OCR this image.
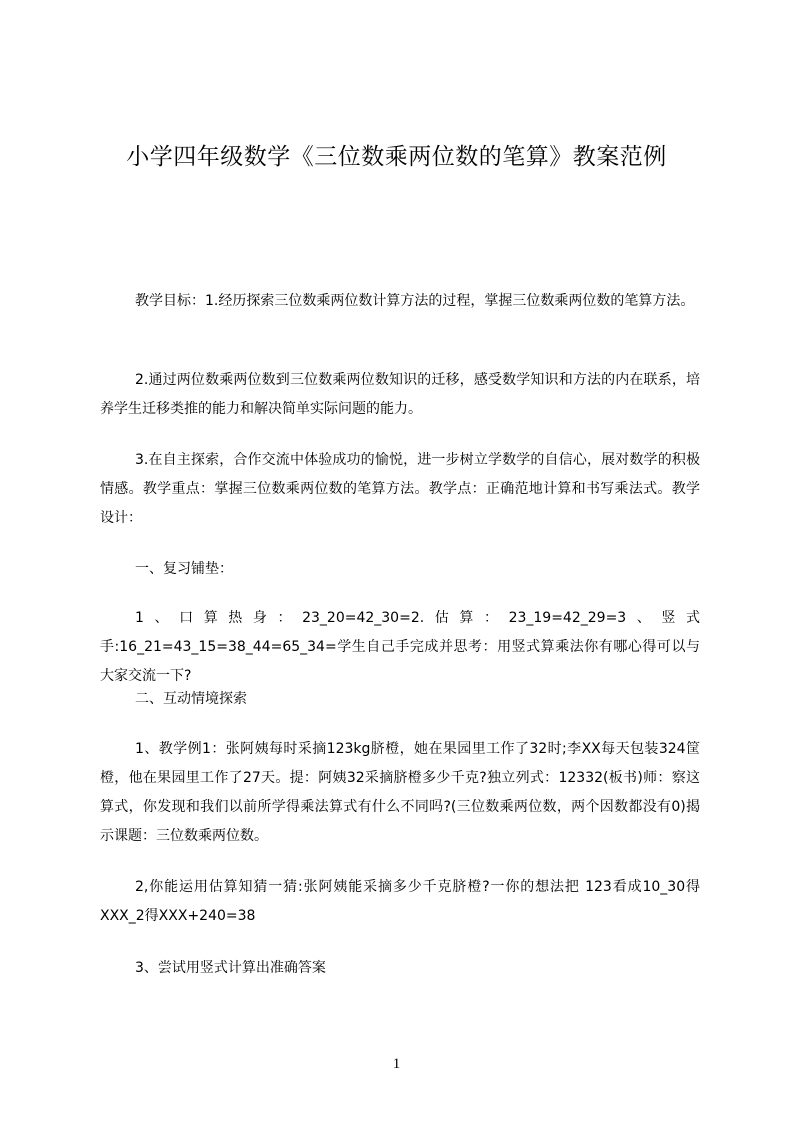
小学四年级数学《三位数乘两位数的笔算》教案范例

教学目标：1.经历探索三位数乘两位数计算方法的过程，掌握三位数乘两位数的笔算方法。

2.通过两位数乘两位数到三位数乘两位数知识的迁移，感受数学知识和方法的内在联系，培养学生迁移类推的能力和解决简单实际问题的能力。

3.在自主探索，合作交流中体验成功的愉悦，进一步树立学数学的自信心，展对数学的积极情感。教学重点：掌握三位数乘两位数的笔算方法。教学点：正确范地计算和书写乘法式。教学设计：

一、复习铺垫：

1、口算热身：23_20=42_30=2.估算：23_19=42_29=3、竖式手:16_21=43_15=38_44=65_34=学生自己手完成并思考：用竖式算乘法你有哪心得可以与大家交流一下?

二、互动情境探索

1、教学例1：张阿姨每时采摘123kg脐橙，她在果园里工作了32时;李XX每天包装324筐橙，他在果园里工作了27天。提：阿姨32采摘脐橙多少千克?独立列式：12332(板书)师：察这算式，你发现和我们以前所学得乘法算式有什么不同吗?(三位数乘两位数，两个因数都没有0)揭示课题：三位数乘两位数。

2,你能运用估算知猜一猜:张阿姨能采摘多少千克脐橙?一你的想法把 123看成10_30得XXX_2得XXX+240=38

3、尝试用竖式计算出准确答案

1
